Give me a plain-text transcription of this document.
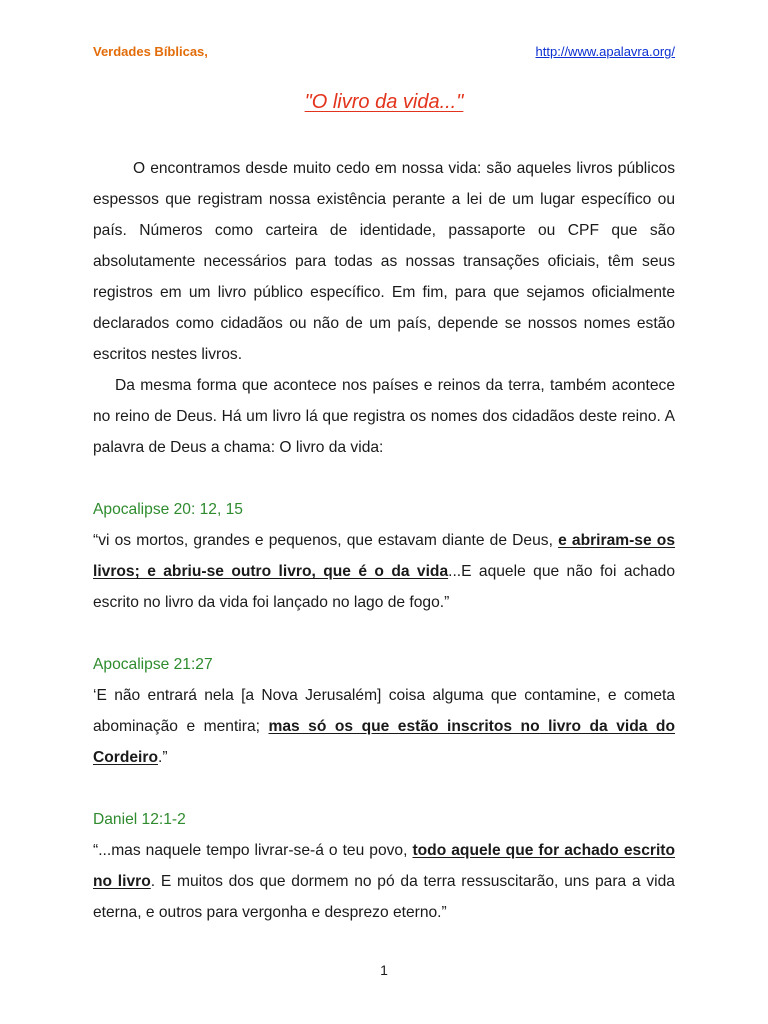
Verdades Bíblicas,	http://www.apalavra.org/
"O livro da vida..."

O encontramos desde muito cedo em nossa vida: são aqueles livros públicos espessos que registram nossa existência perante a lei de um lugar específico ou país. Números como carteira de identidade, passaporte ou CPF que são absolutamente necessários para todas as nossas transações oficiais, têm seus registros em um livro público específico. Em fim, para que sejamos oficialmente declarados como cidadãos ou não de um país, depende se nossos nomes estão escritos nestes livros.

Da mesma forma que acontece nos países e reinos da terra, também acontece no reino de Deus. Há um livro lá que registra os nomes dos cidadãos deste reino. A palavra de Deus a chama: O livro da vida:

Apocalipse 20: 12, 15

“vi os mortos, grandes e pequenos, que estavam diante de Deus, e abriram-se os livros; e abriu-se outro livro, que é o da vida...E aquele que não foi achado escrito no livro da vida foi lançado no lago de fogo.”

Apocalipse 21:27

‘E não entrará nela [a Nova Jerusalém] coisa alguma que contamine, e cometa abominação e mentira; mas só os que estão inscritos no livro da vida do Cordeiro.”

Daniel 12:1-2

“...mas naquele tempo livrar-se-á o teu povo, todo aquele que for achado escrito no livro. E muitos dos que dormem no pó da terra ressuscitarão, uns para a vida eterna, e outros para vergonha e desprezo eterno.”

1
